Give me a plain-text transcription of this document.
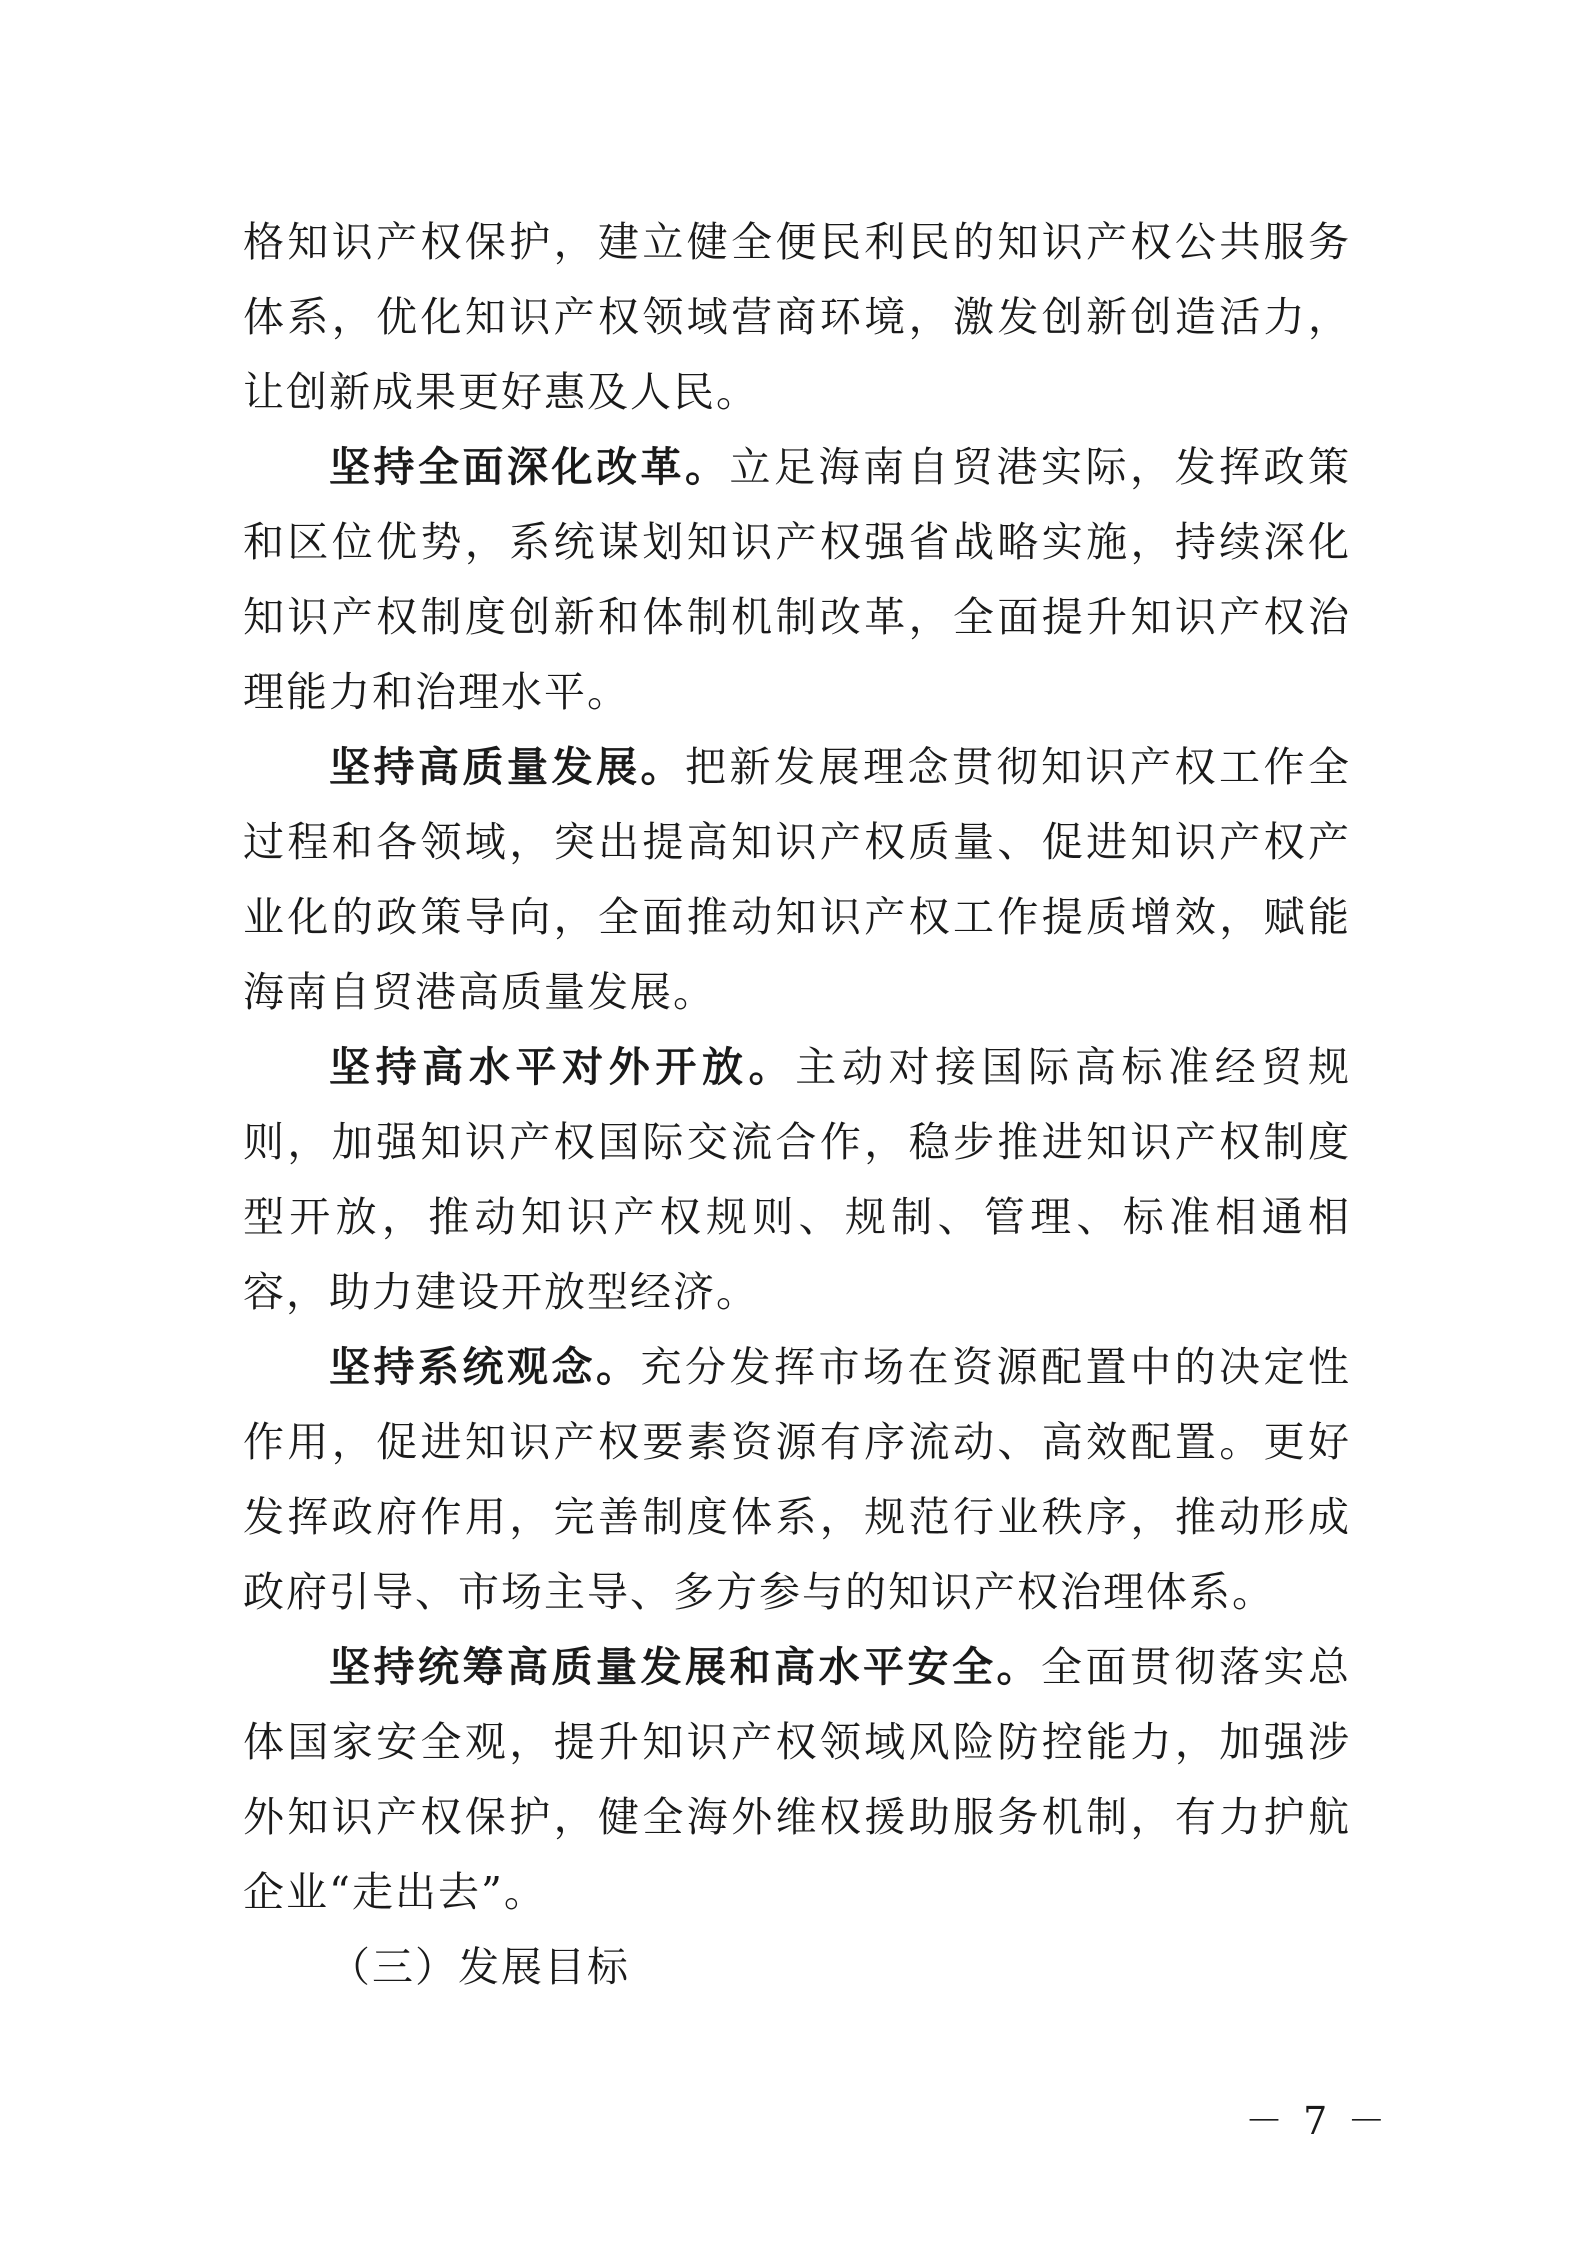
格知识产权保护，建立健全便民利民的知识产权公共服务体系，优化知识产权领域营商环境，激发创新创造活力，让创新成果更好惠及人民。

坚持全面深化改革。立足海南自贸港实际，发挥政策和区位优势，系统谋划知识产权强省战略实施，持续深化知识产权制度创新和体制机制改革，全面提升知识产权治理能力和治理水平。

坚持高质量发展。把新发展理念贯彻知识产权工作全过程和各领域，突出提高知识产权质量、促进知识产权产业化的政策导向，全面推动知识产权工作提质增效，赋能海南自贸港高质量发展。

坚持高水平对外开放。主动对接国际高标准经贸规则，加强知识产权国际交流合作，稳步推进知识产权制度型开放，推动知识产权规则、规制、管理、标准相通相容，助力建设开放型经济。

坚持系统观念。充分发挥市场在资源配置中的决定性作用，促进知识产权要素资源有序流动、高效配置。更好发挥政府作用，完善制度体系，规范行业秩序，推动形成政府引导、市场主导、多方参与的知识产权治理体系。

坚持统筹高质量发展和高水平安全。全面贯彻落实总体国家安全观，提升知识产权领域风险防控能力，加强涉外知识产权保护，健全海外维权援助服务机制，有力护航企业“走出去”。

（三）发展目标

－ 7 －
